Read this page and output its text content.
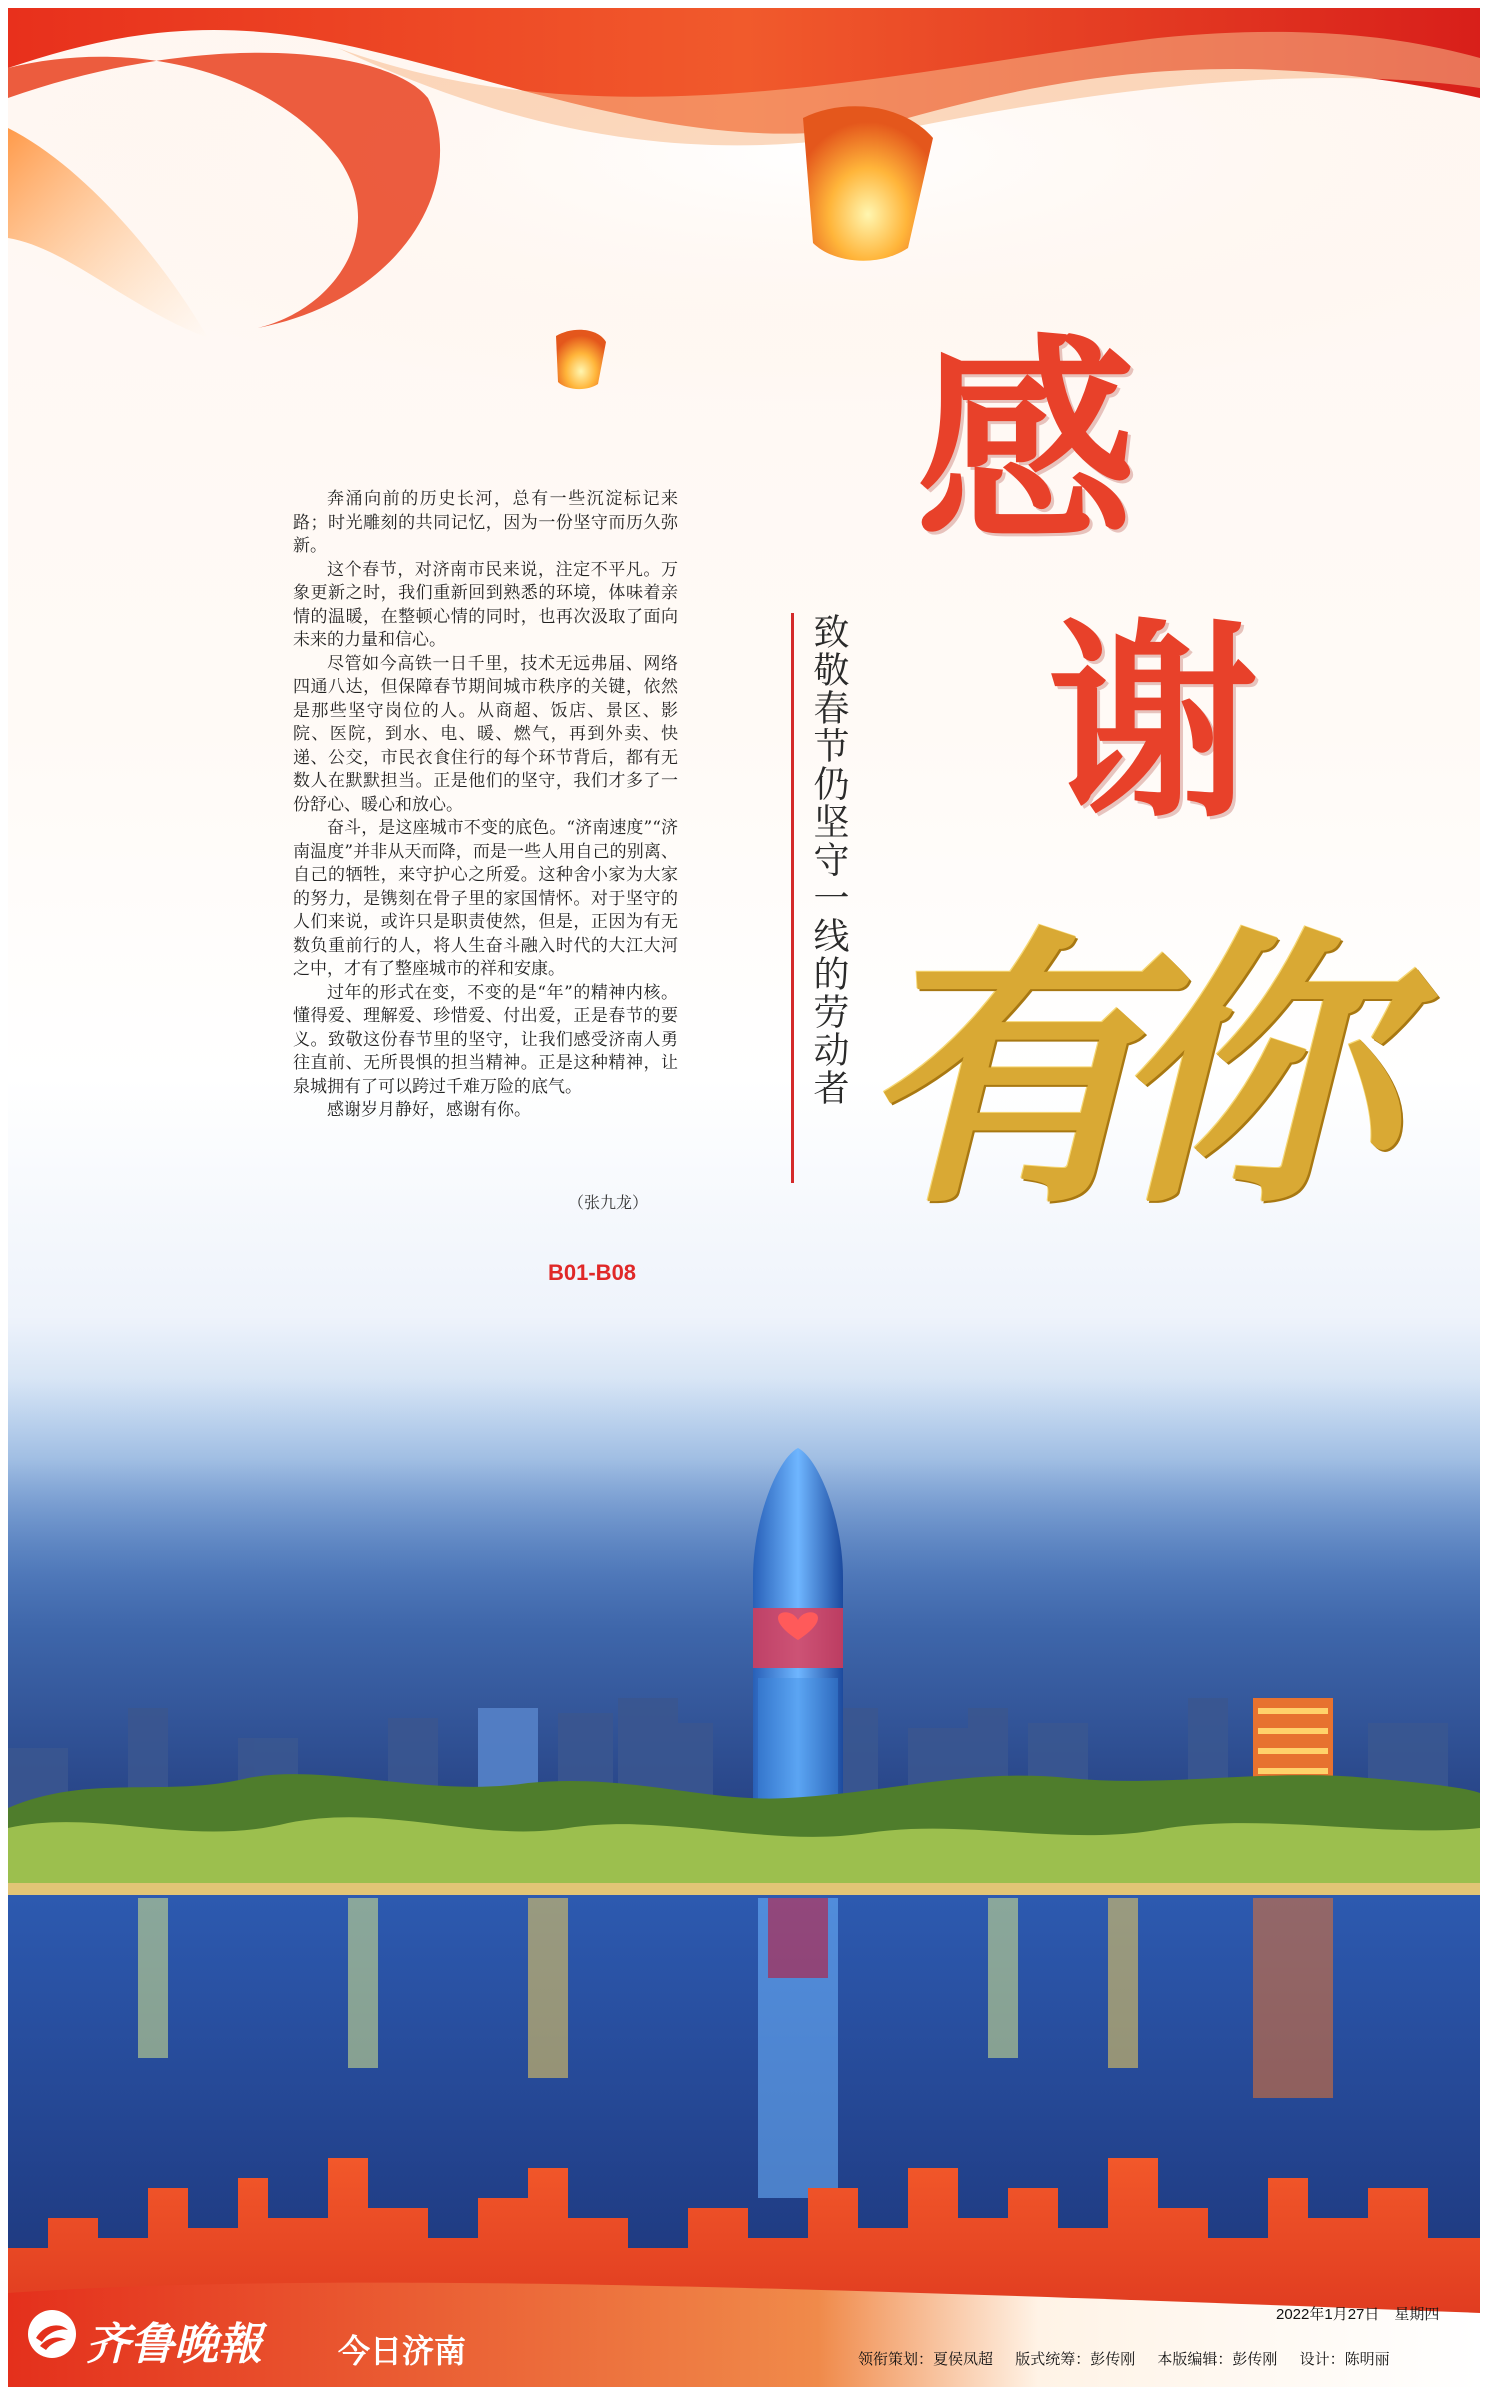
感
谢
有你
致敬春节仍坚守一线的劳动者

奔涌向前的历史长河，总有一些沉淀标记来路；时光雕刻的共同记忆，因为一份坚守而历久弥新。

这个春节，对济南市民来说，注定不平凡。万象更新之时，我们重新回到熟悉的环境，体味着亲情的温暖，在整顿心情的同时，也再次汲取了面向未来的力量和信心。

尽管如今高铁一日千里，技术无远弗届、网络四通八达，但保障春节期间城市秩序的关键，依然是那些坚守岗位的人。从商超、饭店、景区、影院、医院，到水、电、暖、燃气，再到外卖、快递、公交，市民衣食住行的每个环节背后，都有无数人在默默担当。正是他们的坚守，我们才多了一份舒心、暖心和放心。

奋斗，是这座城市不变的底色。“济南速度”“济南温度”并非从天而降，而是一些人用自己的别离、自己的牺牲，来守护心之所爱。这种舍小家为大家的努力，是镌刻在骨子里的家国情怀。对于坚守的人们来说，或许只是职责使然，但是，正因为有无数负重前行的人，将人生奋斗融入时代的大江大河之中，才有了整座城市的祥和安康。

过年的形式在变，不变的是“年”的精神内核。懂得爱、理解爱、珍惜爱、付出爱，正是春节的要义。致敬这份春节里的坚守，让我们感受济南人勇往直前、无所畏惧的担当精神。正是这种精神，让泉城拥有了可以跨过千难万险的底气。

感谢岁月静好，感谢有你。

（张九龙）
B01-B08
齐鲁晚報 今日济南
2022年1月27日　星期四
领衔策划：夏侯凤超 版式统筹：彭传刚 本版编辑：彭传刚 设计：陈明丽
